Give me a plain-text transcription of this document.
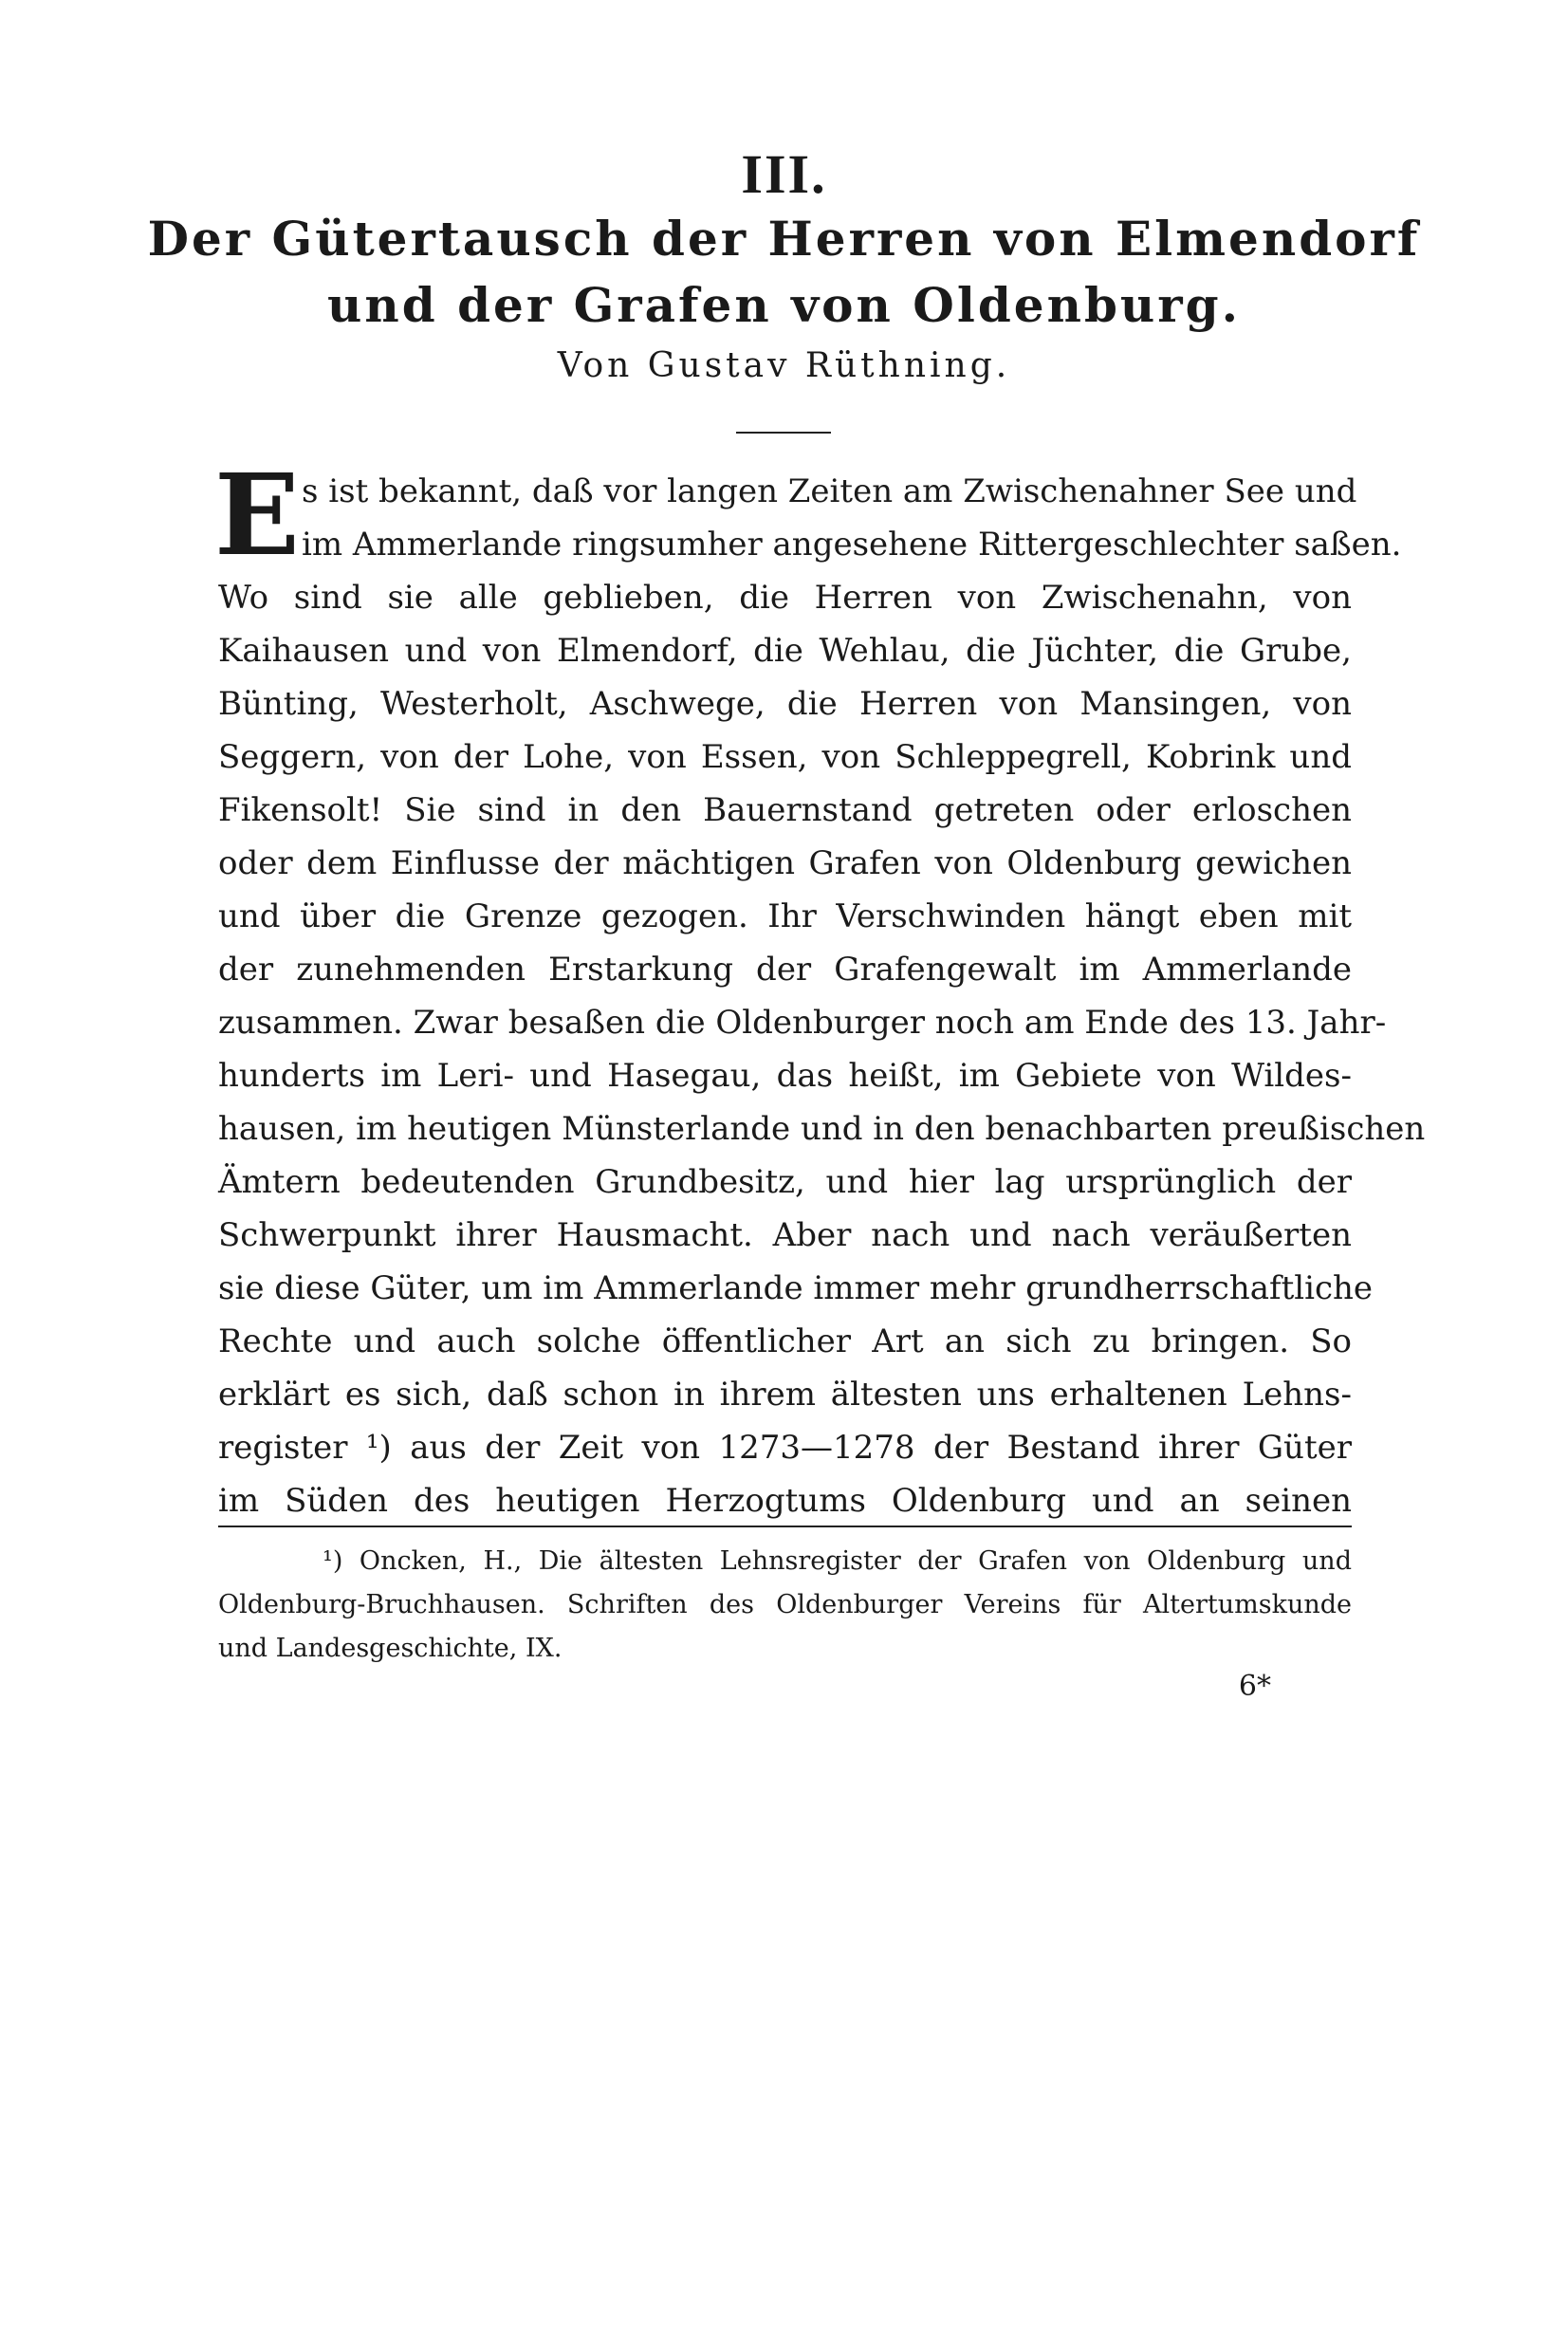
III.
Der Gütertausch der Herren von Elmendorf
und der Grafen von Oldenburg.
Von Gustav Rüthning.
E s ist bekannt, daß vor langen Zeiten am Zwischenahner See und
im Ammerlande ringsumher angesehene Rittergeschlechter saßen.
Wo sind sie alle geblieben, die Herren von Zwischenahn, von
Kaihausen und von Elmendorf, die Wehlau, die Jüchter, die Grube,
Bünting, Westerholt, Aschwege, die Herren von Mansingen, von
Seggern, von der Lohe, von Essen, von Schleppegrell, Kobrink und
Fikensolt! Sie sind in den Bauernstand getreten oder erloschen
oder dem Einflusse der mächtigen Grafen von Oldenburg gewichen
und über die Grenze gezogen. Ihr Verschwinden hängt eben mit
der zunehmenden Erstarkung der Grafengewalt im Ammerlande
zusammen. Zwar besaßen die Oldenburger noch am Ende des 13. Jahr-
hunderts im Leri- und Hasegau, das heißt, im Gebiete von Wildes-
hausen, im heutigen Münsterlande und in den benachbarten preußischen
Ämtern bedeutenden Grundbesitz, und hier lag ursprünglich der
Schwerpunkt ihrer Hausmacht. Aber nach und nach veräußerten
sie diese Güter, um im Ammerlande immer mehr grundherrschaftliche
Rechte und auch solche öffentlicher Art an sich zu bringen. So
erklärt es sich, daß schon in ihrem ältesten uns erhaltenen Lehns-
register ¹) aus der Zeit von 1273—1278 der Bestand ihrer Güter
im Süden des heutigen Herzogtums Oldenburg und an seinen
¹) Oncken, H., Die ältesten Lehnsregister der Grafen von Oldenburg und
Oldenburg-Bruchhausen. Schriften des Oldenburger Vereins für Altertumskunde
und Landesgeschichte, IX.
6*
